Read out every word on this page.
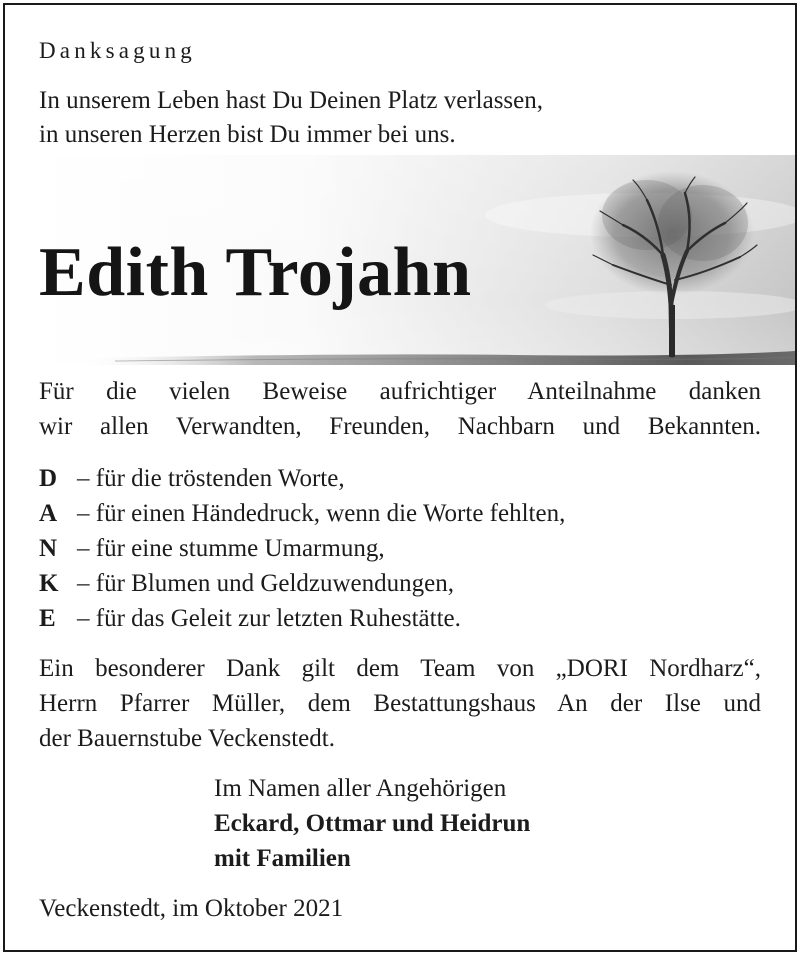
Danksagung

In unserem Leben hast Du Deinen Platz verlassen,

in unseren Herzen bist Du immer bei uns.

Edith Trojahn

Für die vielen Beweise aufrichtiger Anteilnahme danken

wir allen Verwandten, Freunden, Nachbarn und Bekannten.

D – für die tröstenden Worte,

A – für einen Händedruck, wenn die Worte fehlten,

N – für eine stumme Umarmung,

K – für Blumen und Geldzuwendungen,

E – für das Geleit zur letzten Ruhestätte.

Ein besonderer Dank gilt dem Team von „DORI Nordharz“,

Herrn Pfarrer Müller, dem Bestattungshaus An der Ilse und

der Bauernstube Veckenstedt.

Im Namen aller Angehörigen

Eckard, Ottmar und Heidrun

mit Familien

Veckenstedt, im Oktober 2021
